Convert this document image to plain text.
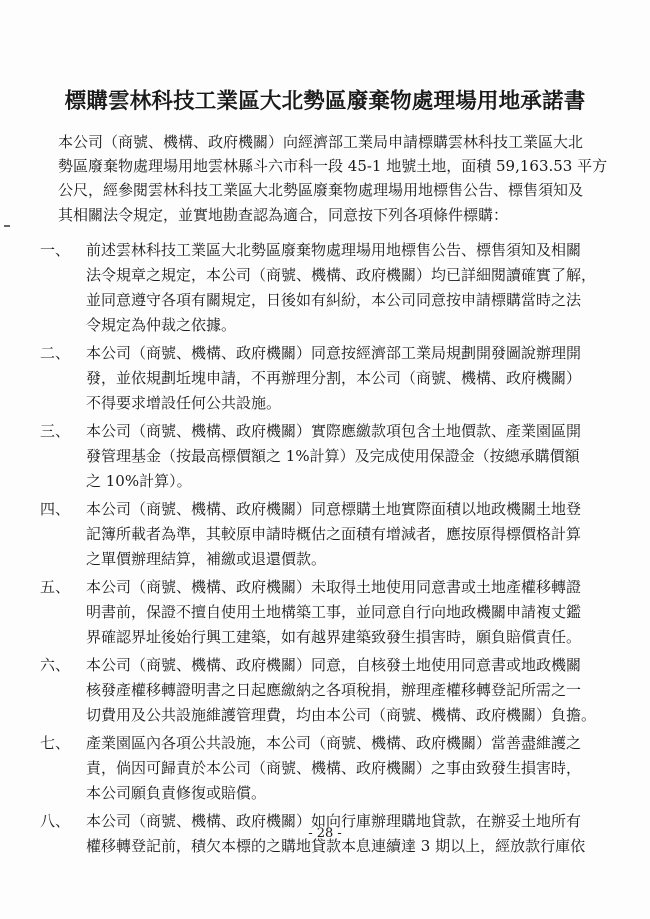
標購雲林科技工業區大北勢區廢棄物處理場用地承諾書
本公司（商號、機構、政府機關）向經濟部工業局申請標購雲林科技工業區大北
勢區廢棄物處理場用地雲林縣斗六市科一段 45-1 地號土地，面積 59,163.53 平方
公尺，經參閱雲林科技工業區大北勢區廢棄物處理場用地標售公告、標售須知及
其相關法令規定，並實地勘查認為適合，同意按下列各項條件標購：
一、	前述雲林科技工業區大北勢區廢棄物處理場用地標售公告、標售須知及相關
法令規章之規定，本公司（商號、機構、政府機關）均已詳細閱讀確實了解，
並同意遵守各項有關規定，日後如有糾紛，本公司同意按申請標購當時之法
令規定為仲裁之依據。
二、	本公司（商號、機構、政府機關）同意按經濟部工業局規劃開發圖說辦理開
發，並依規劃坵塊申請，不再辦理分割，本公司（商號、機構、政府機關）
不得要求增設任何公共設施。
三、	本公司（商號、機構、政府機關）實際應繳款項包含土地價款、產業園區開
發管理基金（按最高標價額之 1%計算）及完成使用保證金（按總承購價額
之 10%計算）。
四、	本公司（商號、機構、政府機關）同意標購土地實際面積以地政機關土地登
記簿所載者為準，其較原申請時概估之面積有增減者，應按原得標價格計算
之單價辦理結算，補繳或退還價款。
五、	本公司（商號、機構、政府機關）未取得土地使用同意書或土地產權移轉證
明書前，保證不擅自使用土地構築工事，並同意自行向地政機關申請複丈鑑
界確認界址後始行興工建築，如有越界建築致發生損害時，願負賠償責任。
六、	本公司（商號、機構、政府機關）同意，自核發土地使用同意書或地政機關
核發產權移轉證明書之日起應繳納之各項稅捐，辦理產權移轉登記所需之一
切費用及公共設施維護管理費，均由本公司（商號、機構、政府機關）負擔。
七、	產業園區內各項公共設施，本公司（商號、機構、政府機關）當善盡維護之
責，倘因可歸責於本公司（商號、機構、政府機關）之事由致發生損害時，
本公司願負責修復或賠償。
八、	本公司（商號、機構、政府機關）如向行庫辦理購地貸款，在辦妥土地所有
權移轉登記前，積欠本標的之購地貸款本息連續達 3 期以上，經放款行庫依
- 28 -
